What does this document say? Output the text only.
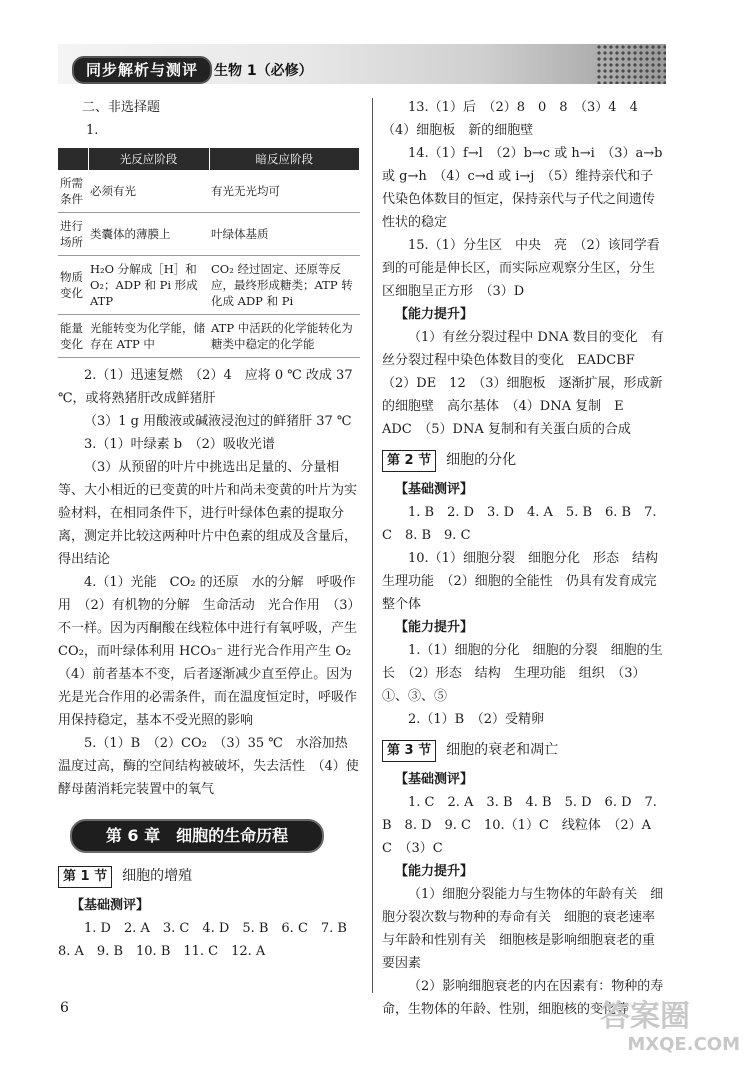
同步解析与测评	生物 1（必修）

二、非选择题

1.

	光反应阶段	暗反应阶段
所需条件	必须有光	有光无光均可
进行场所	类囊体的薄膜上	叶绿体基质
物质变化	H₂O 分解成［H］和 O₂；ADP 和 Pi 形成 ATP	CO₂ 经过固定、还原等反应，最终形成糖类；ATP 转化成 ADP 和 Pi
能量变化	光能转变为化学能，储存在 ATP 中	ATP 中活跃的化学能转化为糖类中稳定的化学能

2.（1）迅速复燃　（2）4　应将 0 ℃ 改成 37 ℃，或将熟猪肝改成鲜猪肝

（3）1 g 用酸液或碱液浸泡过的鲜猪肝 37 ℃

3.（1）叶绿素 b　（2）吸收光谱

（3）从预留的叶片中挑选出足量的、分量相等、大小相近的已变黄的叶片和尚未变黄的叶片为实验材料，在相同条件下，进行叶绿体色素的提取分离，测定并比较这两种叶片中色素的组成及含量后，得出结论

4.（1）光能　CO₂ 的还原　水的分解　呼吸作用　（2）有机物的分解　生命活动　光合作用　（3）不一样。因为丙酮酸在线粒体中进行有氧呼吸，产生 CO₂，而叶绿体利用 HCO₃⁻ 进行光合作用产生 O₂　（4）前者基本不变，后者逐渐减少直至停止。因为光是光合作用的必需条件，而在温度恒定时，呼吸作用保持稳定，基本不受光照的影响

5.（1）B　（2）CO₂　（3）35 ℃　水浴加热　温度过高，酶的空间结构被破坏，失去活性　（4）使酵母菌消耗完装置中的氧气

第 6 章　细胞的生命历程
第 1 节 细胞的增殖

【基础测评】

1. D　2. A　3. C　4. D　5. B　6. C　7. B　8. A　9. B　10. B　11. C　12. A

13.（1）后　（2）8　0　8　（3）4　4　（4）细胞板　新的细胞壁

14.（1）f→l　（2）b→c 或 h→i　（3）a→b 或 g→h　（4）c→d 或 i→j　（5）维持亲代和子代染色体数目的恒定，保持亲代与子代之间遗传性状的稳定

15.（1）分生区　中央　亮　（2）该同学看到的可能是伸长区，而实际应观察分生区，分生区细胞呈正方形　（3）D

【能力提升】

（1）有丝分裂过程中 DNA 数目的变化　有丝分裂过程中染色体数目的变化　EADCBF　（2）DE　12　（3）细胞板　逐渐扩展，形成新的细胞壁　高尔基体　（4）DNA 复制　E　ADC　（5）DNA 复制和有关蛋白质的合成

第 2 节 细胞的分化

【基础测评】

1. B　2. D　3. D　4. A　5. B　6. B　7. C　8. B　9. C

10.（1）细胞分裂　细胞分化　形态　结构　生理功能　（2）细胞的全能性　仍具有发育成完整个体

【能力提升】

1.（1）细胞的分化　细胞的分裂　细胞的生长　（2）形态　结构　生理功能　组织　（3）①、③、⑤

2.（1）B　（2）受精卵

第 3 节 细胞的衰老和凋亡

【基础测评】

1. C　2. A　3. B　4. B　5. D　6. D　7. B　8. D　9. C　10.（1）C　线粒体　（2）A　C　（3）C

【能力提升】

（1）细胞分裂能力与生物体的年龄有关　细胞分裂次数与物种的寿命有关　细胞的衰老速率与年龄和性别有关　细胞核是影响细胞衰老的重要因素

（2）影响细胞衰老的内在因素有：物种的寿命，生物体的年龄、性别，细胞核的变化等

6	答案圈
MXQE.COM
